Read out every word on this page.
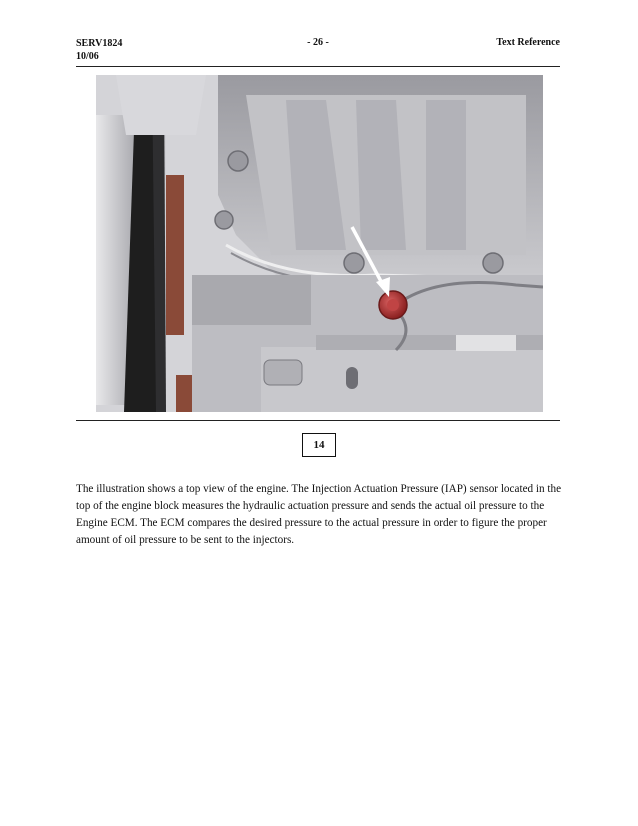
SERV1824
10/06
- 26 -	Text Reference
14
The illustration shows a top view of the engine. The Injection Actuation Pressure (IAP) sensor located in the top of the engine block measures the hydraulic actuation pressure and sends the actual oil pressure to the Engine ECM. The ECM compares the desired pressure to the actual pressure in order to figure the proper amount of oil pressure to be sent to the injectors.
